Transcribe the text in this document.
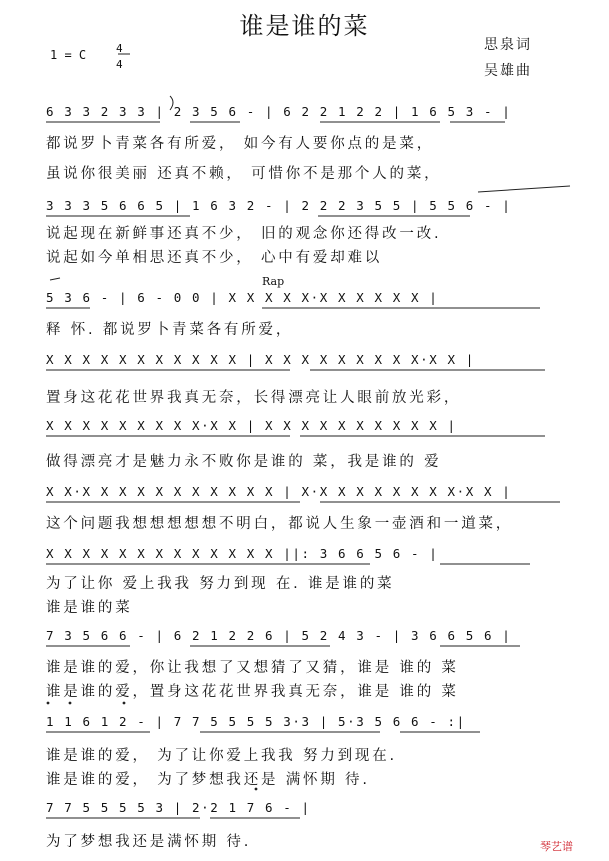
谁是谁的菜
思泉词
吴雄曲
1 = C	4
4
Rap
6 3 3 2 3 3 | 2 3 5 6 - | 6 2 2 1 2 2 | 1 6 5 3 - |
都说罗卜青菜各有所爱， 如今有人要你点的是菜，
虽说你很美丽 还真不赖， 可惜你不是那个人的菜，
3 3 3 5 6 6 5 | 1 6 3 2 - | 2 2 2 3 5 5 | 5 5 6 - |
说起现在新鲜事还真不少， 旧的观念你还得改一改.
说起如今单相思还真不少， 心中有爱却难以
5 3 6 - | 6 - 0 0 | X X X X X·X X X X X X |
释 怀. 都说罗卜青菜各有所爱，
X X X X X X X X X X X | X X X X X X X X X·X X |
置身这花花世界我真无奈，长得漂亮让人眼前放光彩，
X X X X X X X X X·X X | X X X X X X X X X X |
做得漂亮才是魅力永不败你是谁的 菜，我是谁的 爱
X X·X X X X X X X X X X X | X·X X X X X X X X·X X |
这个问题我想想想想想不明白，都说人生象一壶酒和一道菜，
X X X X X X X X X X X X X ||: 3 6 6 5 6 - |
为了让你 爱上我我 努力到现 在. 谁是谁的菜
谁是谁的菜
7 3 5 6 6 - | 6 2 1 2 2 6 | 5 2 4 3 - | 3 6 6 5 6 |
谁是谁的爱，你让我想了又想猜了又猜，谁是 谁的 菜
谁是谁的爱，置身这花花世界我真无奈，谁是 谁的 菜
1 1 6 1 2 - | 7 7 5 5 5 5 3·3 | 5·3 5 6 6 - :|
谁是谁的爱， 为了让你爱上我我 努力到现在.
谁是谁的爱， 为了梦想我还是 满怀期 待.
7 7 5 5 5 5 3 | 2·2 1 7 6 - |
为了梦想我还是满怀期 待.	琴艺谱
